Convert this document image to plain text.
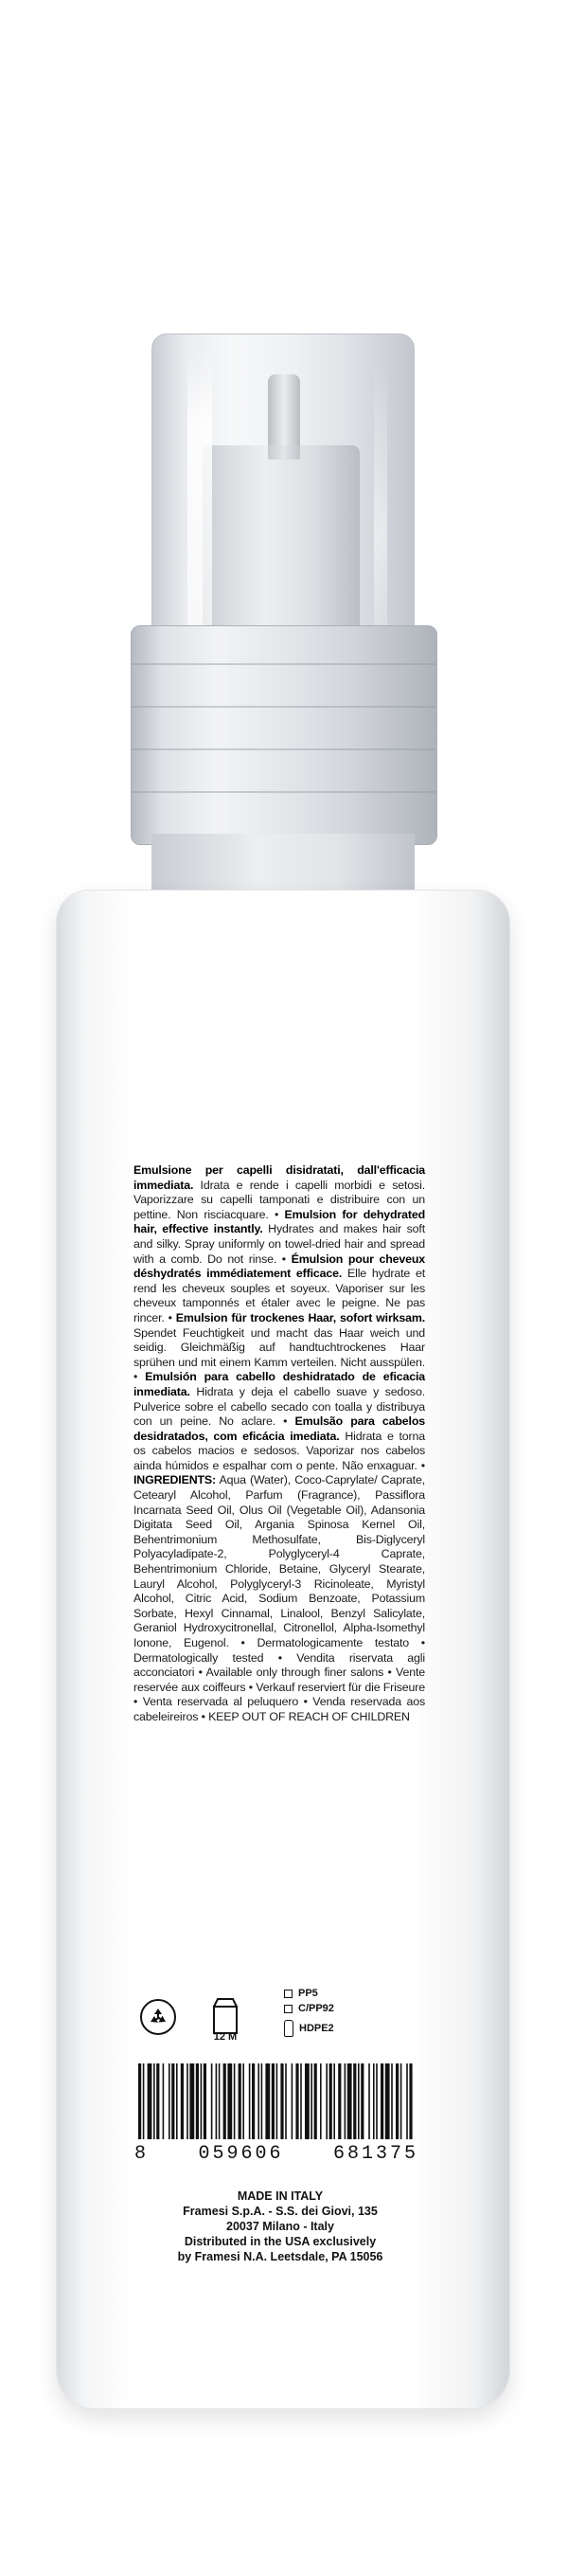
Emulsione per capelli disidratati, dall'efficacia immediata. Idrata e rende i capelli morbidi e setosi. Vaporizzare su capelli tamponati e distribuire con un pettine. Non risciacquare. • Emulsion for dehydrated hair, effective instantly. Hydrates and makes hair soft and silky. Spray uniformly on towel-dried hair and spread with a comb. Do not rinse. • Émulsion pour cheveux déshydratés immédiatement efficace. Elle hydrate et rend les cheveux souples et soyeux. Vaporiser sur les cheveux tamponnés et étaler avec le peigne. Ne pas rincer. • Emulsion für trockenes Haar, sofort wirksam. Spendet Feuchtigkeit und macht das Haar weich und seidig. Gleichmäßig auf handtuchtrockenes Haar sprühen und mit einem Kamm verteilen. Nicht ausspülen. • Emulsión para cabello deshidratado de eficacia inmediata. Hidrata y deja el cabello suave y sedoso. Pulverice sobre el cabello secado con toalla y distribuya con un peine. No aclare. • Emulsão para cabelos desidratados, com eficácia imediata. Hidrata e torna os cabelos macios e sedosos. Vaporizar nos cabelos ainda húmidos e espalhar com o pente. Não enxaguar. • INGREDIENTS: Aqua (Water), Coco-Caprylate/ Caprate, Cetearyl Alcohol, Parfum (Fragrance), Passiflora Incarnata Seed Oil, Olus Oil (Vegetable Oil), Adansonia Digitata Seed Oil, Argania Spinosa Kernel Oil, Behentrimonium Methosulfate, Bis-Diglyceryl Polyacyladipate-2, Polyglyceryl-4 Caprate, Behentrimonium Chloride, Betaine, Glyceryl Stearate, Lauryl Alcohol, Polyglyceryl-3 Ricinoleate, Myristyl Alcohol, Citric Acid, Sodium Benzoate, Potassium Sorbate, Hexyl Cinnamal, Linalool, Benzyl Salicylate, Geraniol Hydroxycitronellal, Citronellol, Alpha-Isomethyl Ionone, Eugenol. • Dermatologicamente testato • Dermatologically tested • Vendita riservata agli acconciatori • Available only through finer salons • Vente reservée aux coiffeurs • Verkauf reserviert für die Friseure • Venta reservada al peluquero • Venda reservada aos cabeleireiros • KEEP OUT OF REACH OF CHILDREN

12 M
PP5
C/PP92
HDPE2
8	059606	681375

MADE IN ITALY

Framesi S.p.A. - S.S. dei Giovi, 135

20037 Milano - Italy

Distributed in the USA exclusively

by Framesi N.A. Leetsdale, PA 15056
